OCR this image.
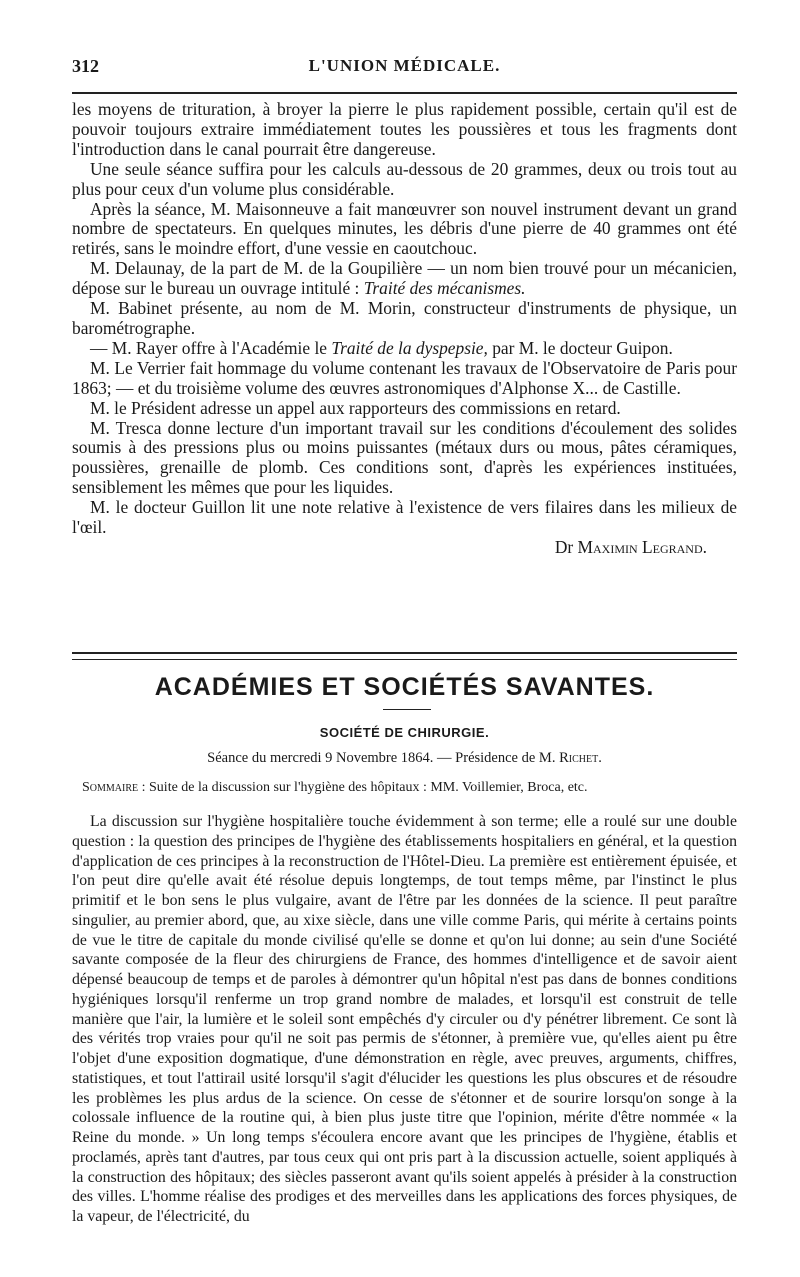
312	L'UNION MÉDICALE.

les moyens de trituration, à broyer la pierre le plus rapidement possible, certain qu'il est de pouvoir toujours extraire immédiatement toutes les poussières et tous les fragments dont l'introduction dans le canal pourrait être dangereuse.

Une seule séance suffira pour les calculs au-dessous de 20 grammes, deux ou trois tout au plus pour ceux d'un volume plus considérable.

Après la séance, M. Maisonneuve a fait manœuvrer son nouvel instrument devant un grand nombre de spectateurs. En quelques minutes, les débris d'une pierre de 40 grammes ont été retirés, sans le moindre effort, d'une vessie en caoutchouc.

M. Delaunay, de la part de M. de la Goupilière — un nom bien trouvé pour un mécanicien, dépose sur le bureau un ouvrage intitulé : Traité des mécanismes.

M. Babinet présente, au nom de M. Morin, constructeur d'instruments de physique, un barométrographe.

— M. Rayer offre à l'Académie le Traité de la dyspepsie, par M. le docteur Guipon.

M. Le Verrier fait hommage du volume contenant les travaux de l'Observatoire de Paris pour 1863; — et du troisième volume des œuvres astronomiques d'Alphonse X... de Castille.

M. le Président adresse un appel aux rapporteurs des commissions en retard.

M. Tresca donne lecture d'un important travail sur les conditions d'écoulement des solides soumis à des pressions plus ou moins puissantes (métaux durs ou mous, pâtes céramiques, poussières, grenaille de plomb. Ces conditions sont, d'après les expériences instituées, sensiblement les mêmes que pour les liquides.

M. le docteur Guillon lit une note relative à l'existence de vers filaires dans les milieux de l'œil.

Dr Maximin Legrand.

ACADÉMIES ET SOCIÉTÉS SAVANTES.
SOCIÉTÉ DE CHIRURGIE.
Séance du mercredi 9 Novembre 1864. — Présidence de M. Richet.
Sommaire : Suite de la discussion sur l'hygiène des hôpitaux : MM. Voillemier, Broca, etc.

La discussion sur l'hygiène hospitalière touche évidemment à son terme; elle a roulé sur une double question : la question des principes de l'hygiène des établissements hospitaliers en général, et la question d'application de ces principes à la reconstruction de l'Hôtel-Dieu. La première est entièrement épuisée, et l'on peut dire qu'elle avait été résolue depuis longtemps, de tout temps même, par l'instinct le plus primitif et le bon sens le plus vulgaire, avant de l'être par les données de la science. Il peut paraître singulier, au premier abord, que, au xixe siècle, dans une ville comme Paris, qui mérite à certains points de vue le titre de capitale du monde civilisé qu'elle se donne et qu'on lui donne; au sein d'une Société savante composée de la fleur des chirurgiens de France, des hommes d'intelligence et de savoir aient dépensé beaucoup de temps et de paroles à démontrer qu'un hôpital n'est pas dans de bonnes conditions hygiéniques lorsqu'il renferme un trop grand nombre de malades, et lorsqu'il est construit de telle manière que l'air, la lumière et le soleil sont empêchés d'y circuler ou d'y pénétrer librement. Ce sont là des vérités trop vraies pour qu'il ne soit pas permis de s'étonner, à première vue, qu'elles aient pu être l'objet d'une exposition dogmatique, d'une démonstration en règle, avec preuves, arguments, chiffres, statistiques, et tout l'attirail usité lorsqu'il s'agit d'élucider les questions les plus obscures et de résoudre les problèmes les plus ardus de la science. On cesse de s'étonner et de sourire lorsqu'on songe à la colossale influence de la routine qui, à bien plus juste titre que l'opinion, mérite d'être nommée « la Reine du monde. » Un long temps s'écoulera encore avant que les principes de l'hygiène, établis et proclamés, après tant d'autres, par tous ceux qui ont pris part à la discussion actuelle, soient appliqués à la construction des hôpitaux; des siècles passeront avant qu'ils soient appelés à présider à la construction des villes. L'homme réalise des prodiges et des merveilles dans les applications des forces physiques, de la vapeur, de l'électricité, du
